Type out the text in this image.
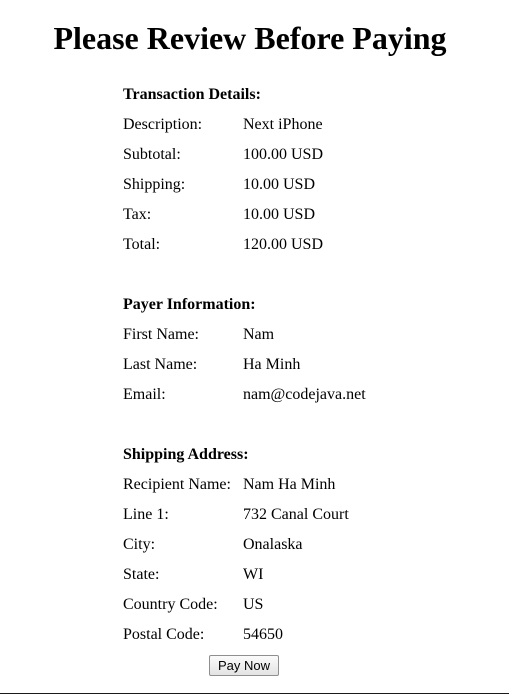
Please Review Before Paying
Transaction Details:	
Description:	Next iPhone
Subtotal:	100.00 USD
Shipping:	10.00 USD
Tax:	10.00 USD
Total:	120.00 USD

Payer Information:	
First Name:	Nam
Last Name:	Ha Minh
Email:	nam@codejava.net

Shipping Address:	
Recipient Name:	Nam Ha Minh
Line 1:	732 Canal Court
City:	Onalaska
State:	WI
Country Code:	US
Postal Code:	54650
Pay Now
